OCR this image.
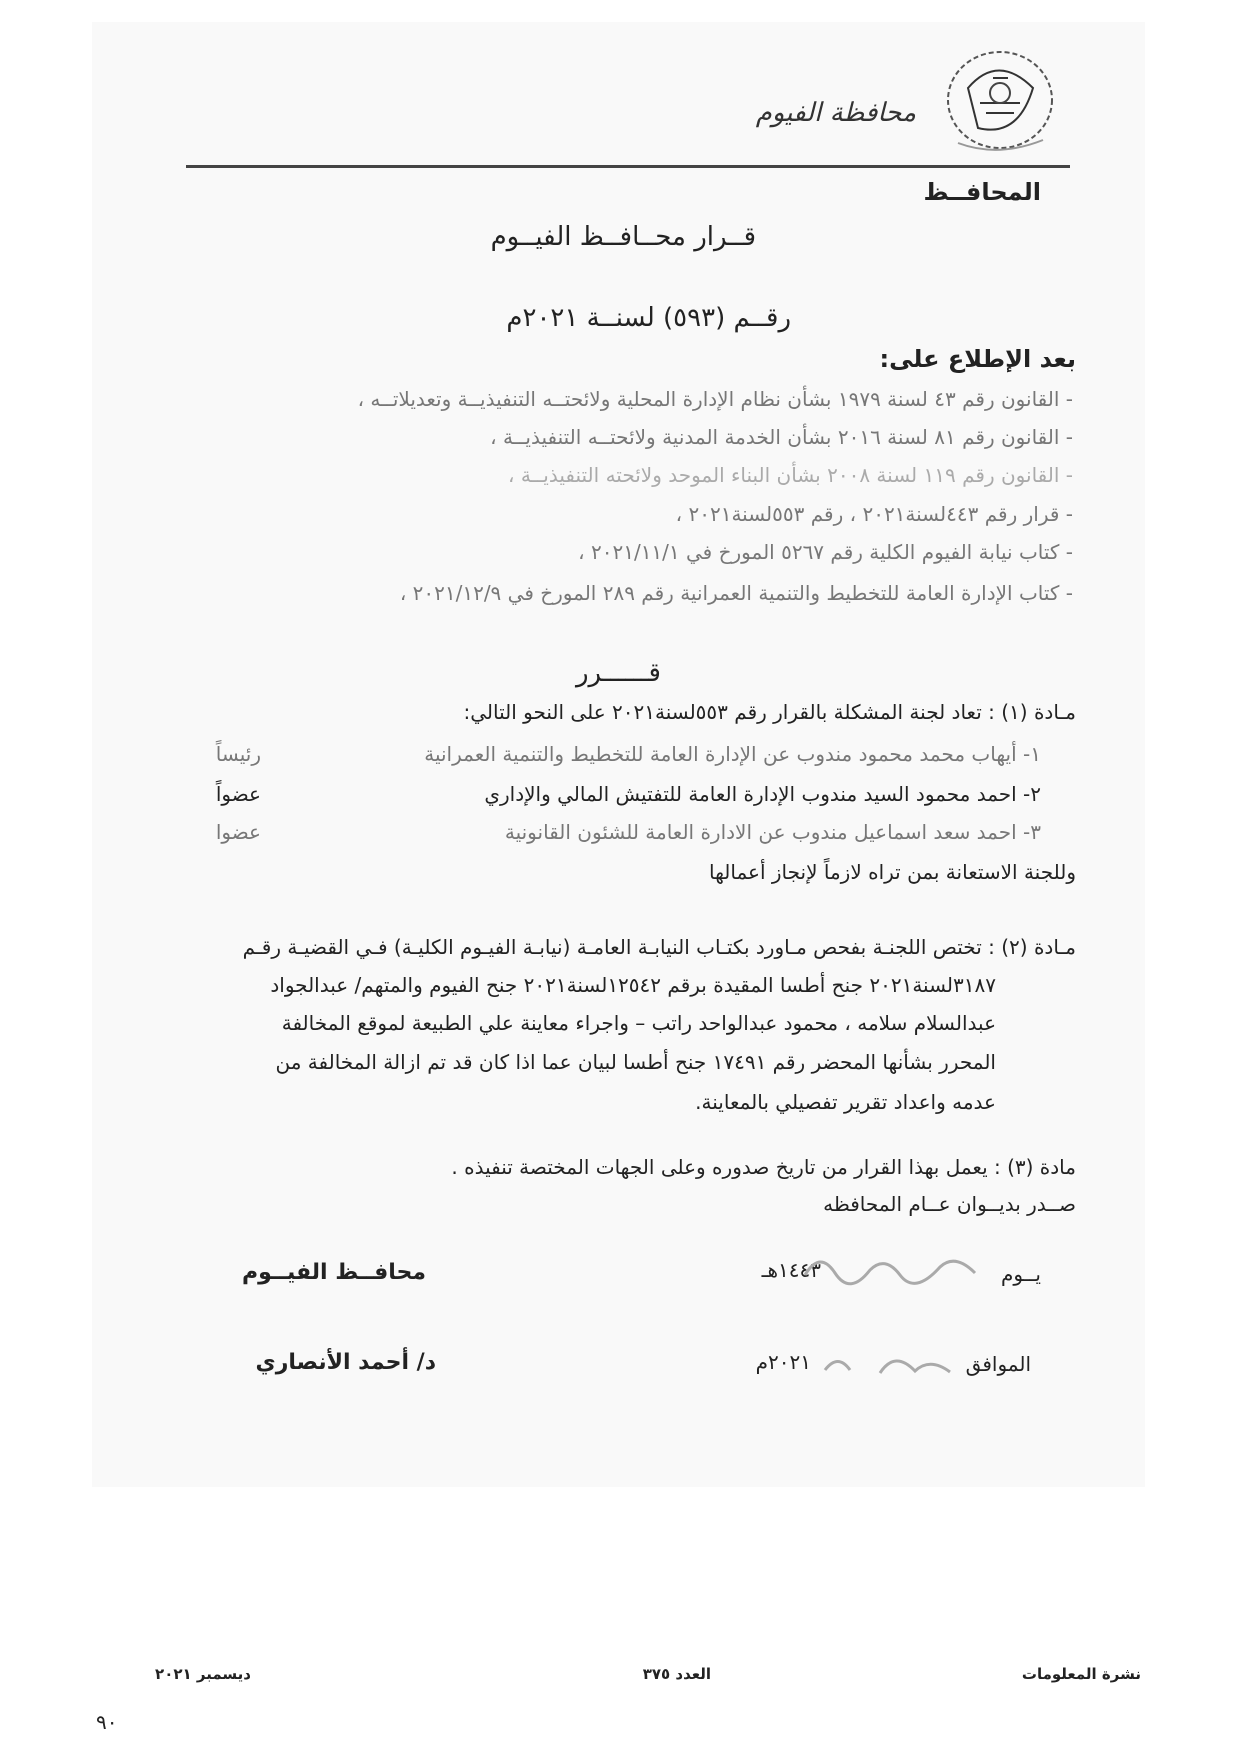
محافظة الفيوم
المحافــظ
قــرار محــافــظ الفيــوم
رقــم (٥٩٣) لسنــة ٢٠٢١م
بعد الإطلاع على:
- القانون رقم ٤٣ لسنة ١٩٧٩ بشأن نظام الإدارة المحلية ولائحتــه التنفيذيــة وتعديلاتــه ،
- القانون رقم ٨١ لسنة ٢٠١٦ بشأن الخدمة المدنية ولائحتــه التنفيذيــة ،
- القانون رقم ١١٩ لسنة ٢٠٠٨ بشأن البناء الموحد ولائحته التنفيذيــة ،
- قرار رقم ٤٤٣لسنة٢٠٢١ ، رقم ٥٥٣لسنة٢٠٢١ ،
- كتاب نيابة الفيوم الكلية رقم ٥٢٦٧ المورخ في ٢٠٢١/١١/١ ،
- كتاب الإدارة العامة للتخطيط والتنمية العمرانية رقم ٢٨٩ المورخ في ٢٠٢١/١٢/٩ ،
قــــــرر
مـادة (١) : تعاد لجنة المشكلة بالقرار رقم ٥٥٣لسنة٢٠٢١ على النحو التالي:
١- أيهاب محمد محمود مندوب عن الإدارة العامة للتخطيط والتنمية العمرانية
رئيساً
٢- احمد محمود السيد مندوب الإدارة العامة للتفتيش المالي والإداري
عضواً
٣- احمد سعد اسماعيل مندوب عن الادارة العامة للشئون القانونية
عضوا
وللجنة الاستعانة بمن تراه لازماً لإنجاز أعمالها
مـادة (٢) : تختص اللجنـة بفحص مـاورد بكتـاب النيابـة العامـة (نيابـة الفيـوم الكليـة) فـي القضيـة رقـم
٣١٨٧لسنة٢٠٢١ جنح أطسا المقيدة برقم ١٢٥٤٢لسنة٢٠٢١ جنح الفيوم والمتهم/ عبدالجواد
عبدالسلام سلامه ، محمود عبدالواحد راتب – واجراء معاينة علي الطبيعة لموقع المخالفة
المحرر بشأنها المحضر رقم ١٧٤٩١ جنح أطسا لبيان عما اذا كان قد تم ازالة المخالفة من
عدمه واعداد تقرير تفصيلي بالمعاينة.
مادة (٣) : يعمل بهذا القرار من تاريخ صدوره وعلى الجهات المختصة تنفيذه .
صــدر بديــوان عــام المحافظه
محافــظ الفيــوم	يــوم
١٤٤٣هـ
د/ أحمد الأنصاري	الموافق
٢٠٢١م
نشرة المعلومات
العدد ٣٧٥
ديسمبر ٢٠٢١
٩٠
